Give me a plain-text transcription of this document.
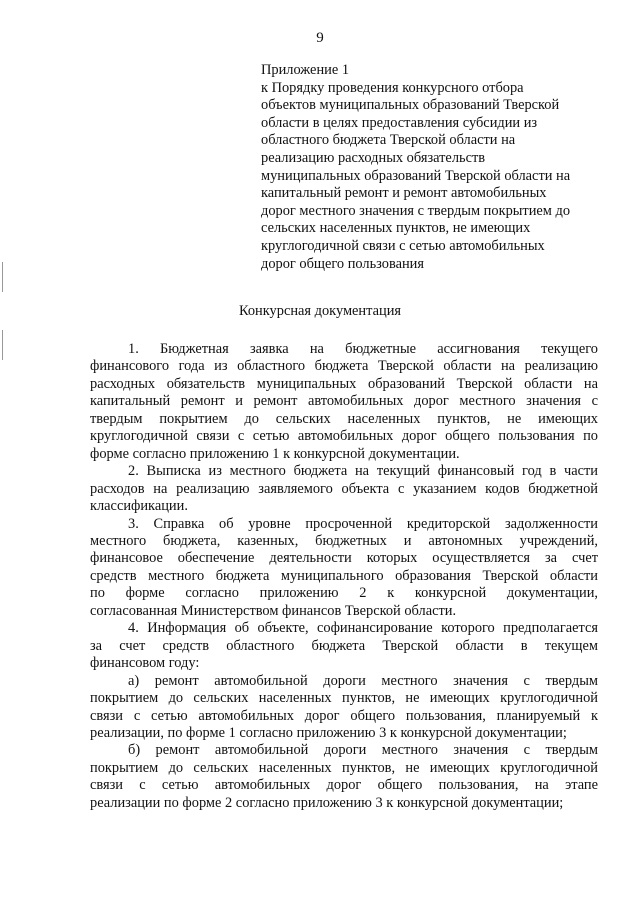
9
Приложение 1
к Порядку проведения конкурсного отбора
объектов муниципальных образований Тверской
области в целях предоставления субсидии из
областного бюджета Тверской области на
реализацию расходных обязательств
муниципальных образований Тверской области на
капитальный ремонт и ремонт автомобильных
дорог местного значения с твердым покрытием до
сельских населенных пунктов, не имеющих
круглогодичной связи с сетью автомобильных
дорог общего пользования
Конкурсная документация
1. Бюджетная заявка на бюджетные ассигнования текущего
финансового года из областного бюджета Тверской области на реализацию
расходных обязательств муниципальных образований Тверской области на
капитальный ремонт и ремонт автомобильных дорог местного значения с
твердым покрытием до сельских населенных пунктов, не имеющих
круглогодичной связи с сетью автомобильных дорог общего пользования по
форме согласно приложению 1 к конкурсной документации.
2. Выписка из местного бюджета на текущий финансовый год в части
расходов на реализацию заявляемого объекта с указанием кодов бюджетной
классификации.
3. Справка об уровне просроченной кредиторской задолженности
местного бюджета, казенных, бюджетных и автономных учреждений,
финансовое обеспечение деятельности которых осуществляется за счет
средств местного бюджета муниципального образования Тверской области
по форме согласно приложению 2 к конкурсной документации,
согласованная Министерством финансов Тверской области.
4. Информация об объекте, софинансирование которого предполагается
за счет средств областного бюджета Тверской области в текущем
финансовом году:
а) ремонт автомобильной дороги местного значения с твердым
покрытием до сельских населенных пунктов, не имеющих круглогодичной
связи с сетью автомобильных дорог общего пользования, планируемый к
реализации, по форме 1 согласно приложению 3 к конкурсной документации;
б) ремонт автомобильной дороги местного значения с твердым
покрытием до сельских населенных пунктов, не имеющих круглогодичной
связи с сетью автомобильных дорог общего пользования, на этапе
реализации по форме 2 согласно приложению 3 к конкурсной документации;
